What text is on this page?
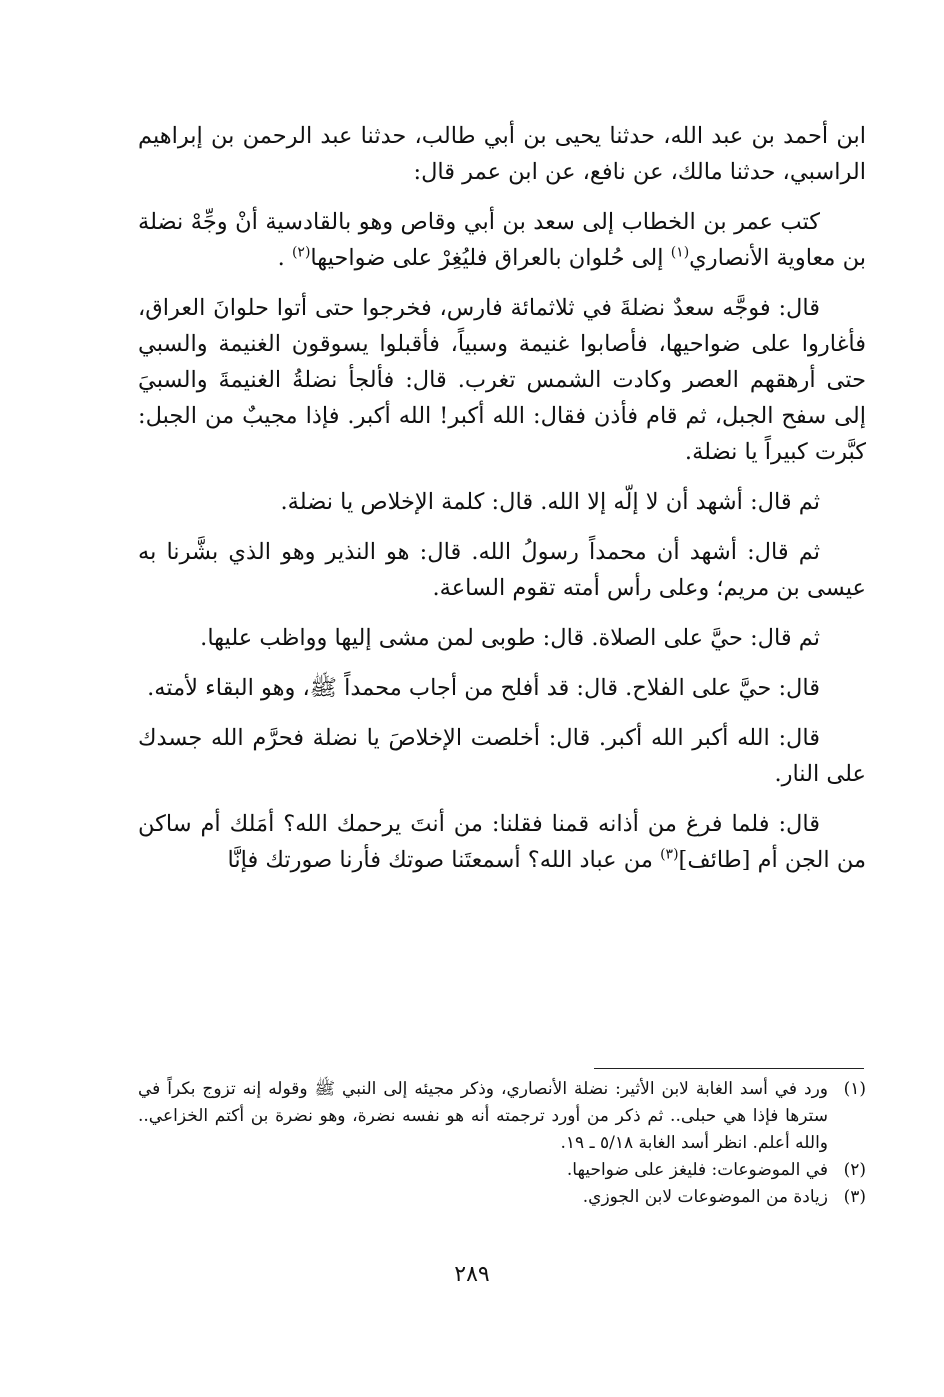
ابن أحمد بن عبد الله، حدثنا يحيى بن أبي طالب، حدثنا عبد الرحمن بن إبراهيم الراسبي، حدثنا مالك، عن نافع، عن ابن عمر قال:

كتب عمر بن الخطاب إلى سعد بن أبي وقاص وهو بالقادسية أنْ وجِّهْ نضلة بن معاوية الأنصاري$^{(١)}$ إلى حُلوان بالعراق فليُغِرْ على ضواحيها$^{(٢)}$ .

قال: فوجَّه سعدٌ نضلةَ في ثلاثمائة فارس، فخرجوا حتى أتوا حلوانَ العراق، فأغاروا على ضواحيها، فأصابوا غنيمة وسبياً، فأقبلوا يسوقون الغنيمة والسبي حتى أرهقهم العصر وكادت الشمس تغرب. قال: فألجأ نضلةُ الغنيمةَ والسبيَ إلى سفح الجبل، ثم قام فأذن فقال: الله أكبر! الله أكبر. فإذا مجيبٌ من الجبل: كبَّرت كبيراً يا نضلة.

ثم قال: أشهد أن لا إلّه إلا الله. قال: كلمة الإخلاص يا نضلة.

ثم قال: أشهد أن محمداً رسولُ الله. قال: هو النذير وهو الذي بشَّرنا به عيسى بن مريم؛ وعلى رأس أمته تقوم الساعة.

ثم قال: حيَّ على الصلاة. قال: طوبى لمن مشى إليها وواظب عليها.

قال: حيَّ على الفلاح. قال: قد أفلح من أجاب محمداً ﷺ، وهو البقاء لأمته.

قال: الله أكبر الله أكبر. قال: أخلصت الإخلاصَ يا نضلة فحرَّم الله جسدك على النار.

قال: فلما فرغ من أذانه قمنا فقلنا: من أنتَ يرحمك الله؟ أمَلك أم ساكن من الجن أم [طائف]$^{(٣)}$ من عباد الله؟ أسمعتَنا صوتك فأرنا صورتك فإنَّا

(١)
ورد في أسد الغابة لابن الأثير: نضلة الأنصاري، وذكر مجيئه إلى النبي ﷺ وقوله إنه تزوج بكراً في سترها فإذا هي حبلى.. ثم ذكر من أورد ترجمته أنه هو نفسه نضرة، وهو نضرة بن أكتم الخزاعي.. والله أعلم. انظر أسد الغابة ٥/١٨ ـ ١٩.
(٢)
في الموضوعات: فليغز على ضواحيها.
(٣)
زيادة من الموضوعات لابن الجوزي.
٢٨٩
